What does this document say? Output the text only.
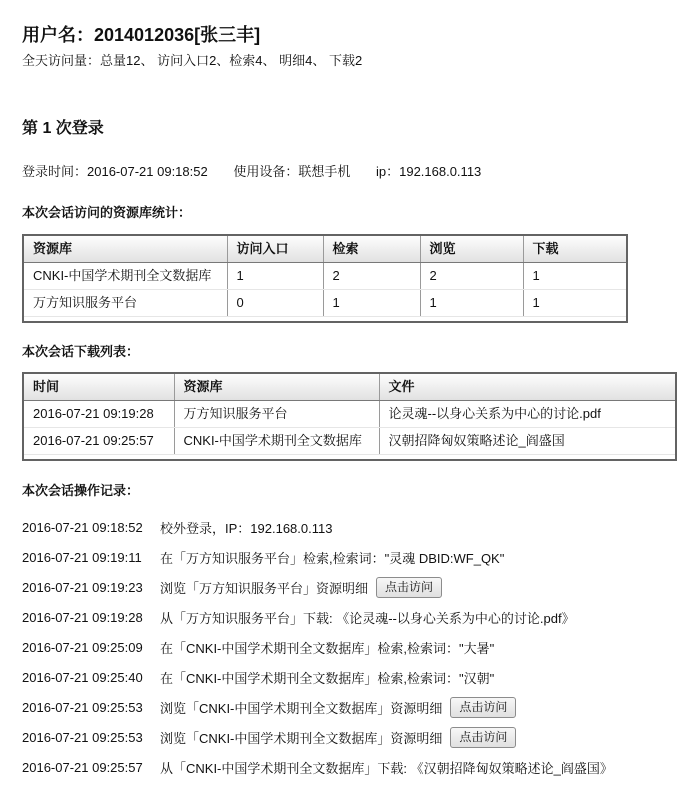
用户名：2014012036[张三丰]
全天访问量：总量12、 访问入口2、检索4、 明细4、 下载2
第 1 次登录
登录时间：2016-07-21 09:18:52 使用设备：联想手机 ip：192.168.0.113
本次会话访问的资源库统计：
资源库	访问入口	检索	浏览	下载
CNKI-中国学术期刊全文数据库	1	2	2	1
万方知识服务平台	0	1	1	1
本次会话下载列表：
时间	资源库	文件
2016-07-21 09:19:28	万方知识服务平台	论灵魂--以身心关系为中心的讨论.pdf
2016-07-21 09:25:57	CNKI-中国学术期刊全文数据库	汉朝招降匈奴策略述论_阎盛国
本次会话操作记录：
2016-07-21 09:18:52	校外登录，IP：192.168.0.113
2016-07-21 09:19:11	在「万方知识服务平台」检索,检索词："灵魂 DBID:WF_QK"
2016-07-21 09:19:23	浏览「万方知识服务平台」资源明细	点击访问
2016-07-21 09:19:28	从「万方知识服务平台」下载: 《论灵魂--以身心关系为中心的讨论.pdf》
2016-07-21 09:25:09	在「CNKI-中国学术期刊全文数据库」检索,检索词："大暑"
2016-07-21 09:25:40	在「CNKI-中国学术期刊全文数据库」检索,检索词："汉朝"
2016-07-21 09:25:53	浏览「CNKI-中国学术期刊全文数据库」资源明细	点击访问
2016-07-21 09:25:53	浏览「CNKI-中国学术期刊全文数据库」资源明细	点击访问
2016-07-21 09:25:57	从「CNKI-中国学术期刊全文数据库」下载: 《汉朝招降匈奴策略述论_阎盛国》
